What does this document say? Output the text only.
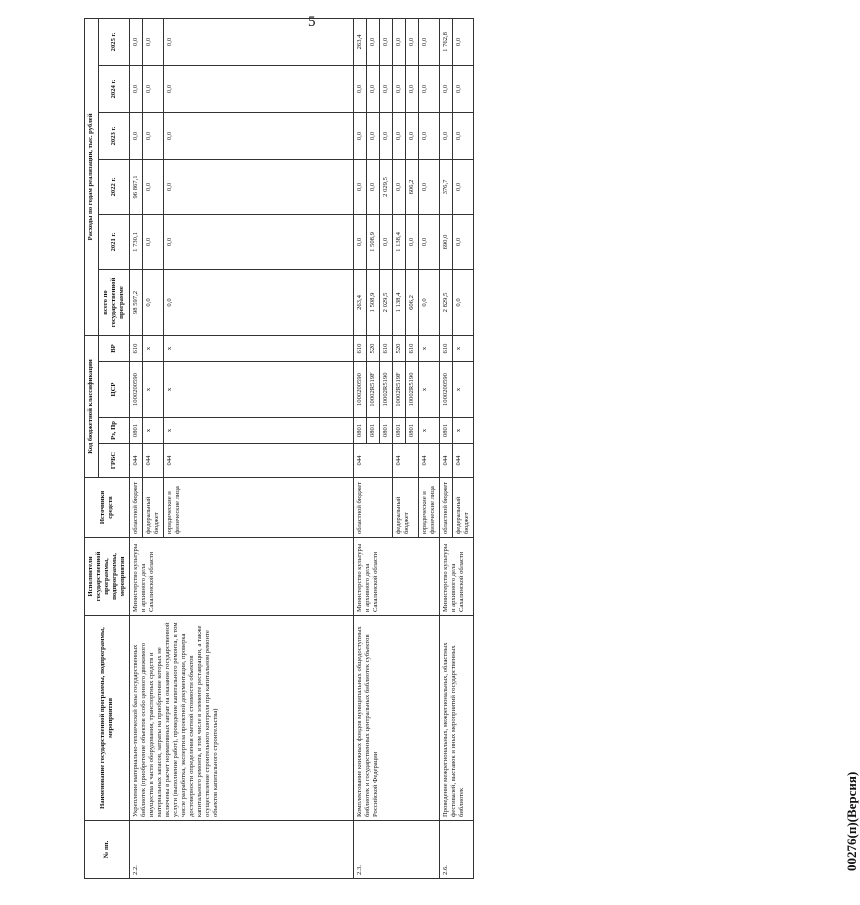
5
№ пп.	Наименование государственной программы, подпрограммы, мероприятия	Исполнители государственной программы, подпрограммы, мероприятия	Источники средств	Код бюджетной классификации				Расходы по годам реализации, тыс. рублей					
				ГРБС	Рз, Пр	ЦСР	ВР	всего по государственной программе	2021 г.	2022 г.	2023 г.	2024 г.	2025 г.
2.2.	Укрепление материально-технической базы государственных библиотек (приобретение объектов особо ценного движимого имущества в части оборудования, транспортных средств и материальных запасов, затраты на приобретение которых не включены в расчет нормативных затрат на оказание государственной услуги (выполнение работ), проведение капитального ремонта, в том числе разработка, экспертиза проектной документации, проверка достоверности определения сметной стоимости объектов капитального ремонта, в том числе в элементе реставрации, а также осуществление строительного контроля при капитальном ремонте объектов капитального строительства)	Министерство культуры и архивного дела Сахалинской области	областной бюджет	044	0801	1000200590	610	98 597,2	1 730,1	96 867,1	0,0	0,0	0,0
			федеральный бюджет	044	х	х	х	0,0	0,0	0,0	0,0	0,0	0,0
			юридические и физические лица	044	х	х	х	0,0	0,0	0,0	0,0	0,0	0,0
2.3.	Комплектование книжных фондов муниципальных общедоступных библиотек и государственных центральных библиотек субъектов Российской Федерации	Министерство культуры и архивного дела Сахалинской области	областной бюджет	044	0801	1000200590	610	263,4	0,0	0,0	0,0	0,0	263,4
					0801	10002R519F	520	1 508,9	1 508,9	0,0	0,0	0,0	0,0
					0801	10002R5190	610	2 029,5	0,0	2 029,5	0,0	0,0	0,0
			федеральный бюджет	044	0801	10002R519F	520	1 138,4	1 138,4	0,0	0,0	0,0	0,0
					0801	10002R5190	610	606,2	0,0	606,2	0,0	0,0	0,0
			юридические и физические лица	044	х	х	х	0,0	0,0	0,0	0,0	0,0	0,0
2.6.	Проведение межрегиональных, межрегиональных, областных фестивалей, выставок и иных мероприятий государственных библиотек	Министерство культуры и архивного дела Сахалинской области	областной бюджет	044	0801	1000200590	610	2 829,5	690,0	376,7	0,0	0,0	1 762,8
			федеральный бюджет	044	х	х	х	0,0	0,0	0,0	0,0	0,0	0,0
00276(п)(Версия)
